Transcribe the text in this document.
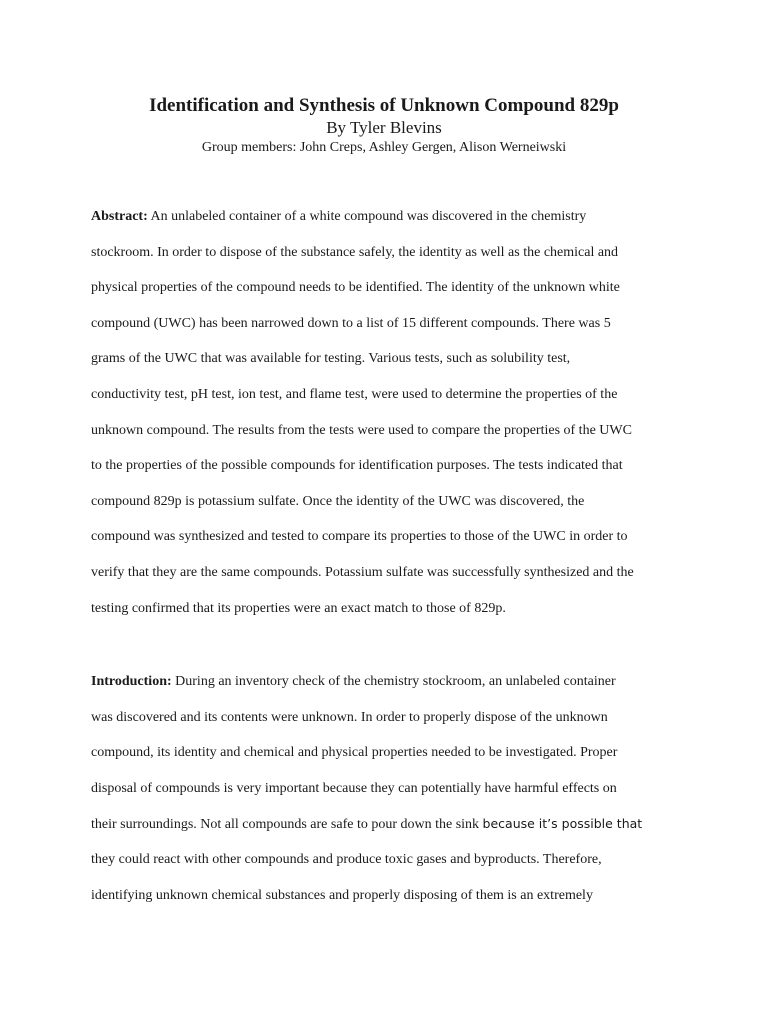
Identification and Synthesis of Unknown Compound 829p
By Tyler Blevins
Group members: John Creps, Ashley Gergen, Alison Werneiwski
Abstract: An unlabeled container of a white compound was discovered in the chemistry
stockroom. In order to dispose of the substance safely, the identity as well as the chemical and
physical properties of the compound needs to be identified. The identity of the unknown white
compound (UWC) has been narrowed down to a list of 15 different compounds. There was 5
grams of the UWC that was available for testing. Various tests, such as solubility test,
conductivity test, pH test, ion test, and flame test, were used to determine the properties of the
unknown compound. The results from the tests were used to compare the properties of the UWC
to the properties of the possible compounds for identification purposes. The tests indicated that
compound 829p is potassium sulfate. Once the identity of the UWC was discovered, the
compound was synthesized and tested to compare its properties to those of the UWC in order to
verify that they are the same compounds. Potassium sulfate was successfully synthesized and the
testing confirmed that its properties were an exact match to those of 829p.
Introduction: During an inventory check of the chemistry stockroom, an unlabeled container
was discovered and its contents were unknown. In order to properly dispose of the unknown
compound, its identity and chemical and physical properties needed to be investigated. Proper
disposal of compounds is very important because they can potentially have harmful effects on
their surroundings. Not all compounds are safe to pour down the sink because it’s possible that
they could react with other compounds and produce toxic gases and byproducts. Therefore,
identifying unknown chemical substances and properly disposing of them is an extremely
